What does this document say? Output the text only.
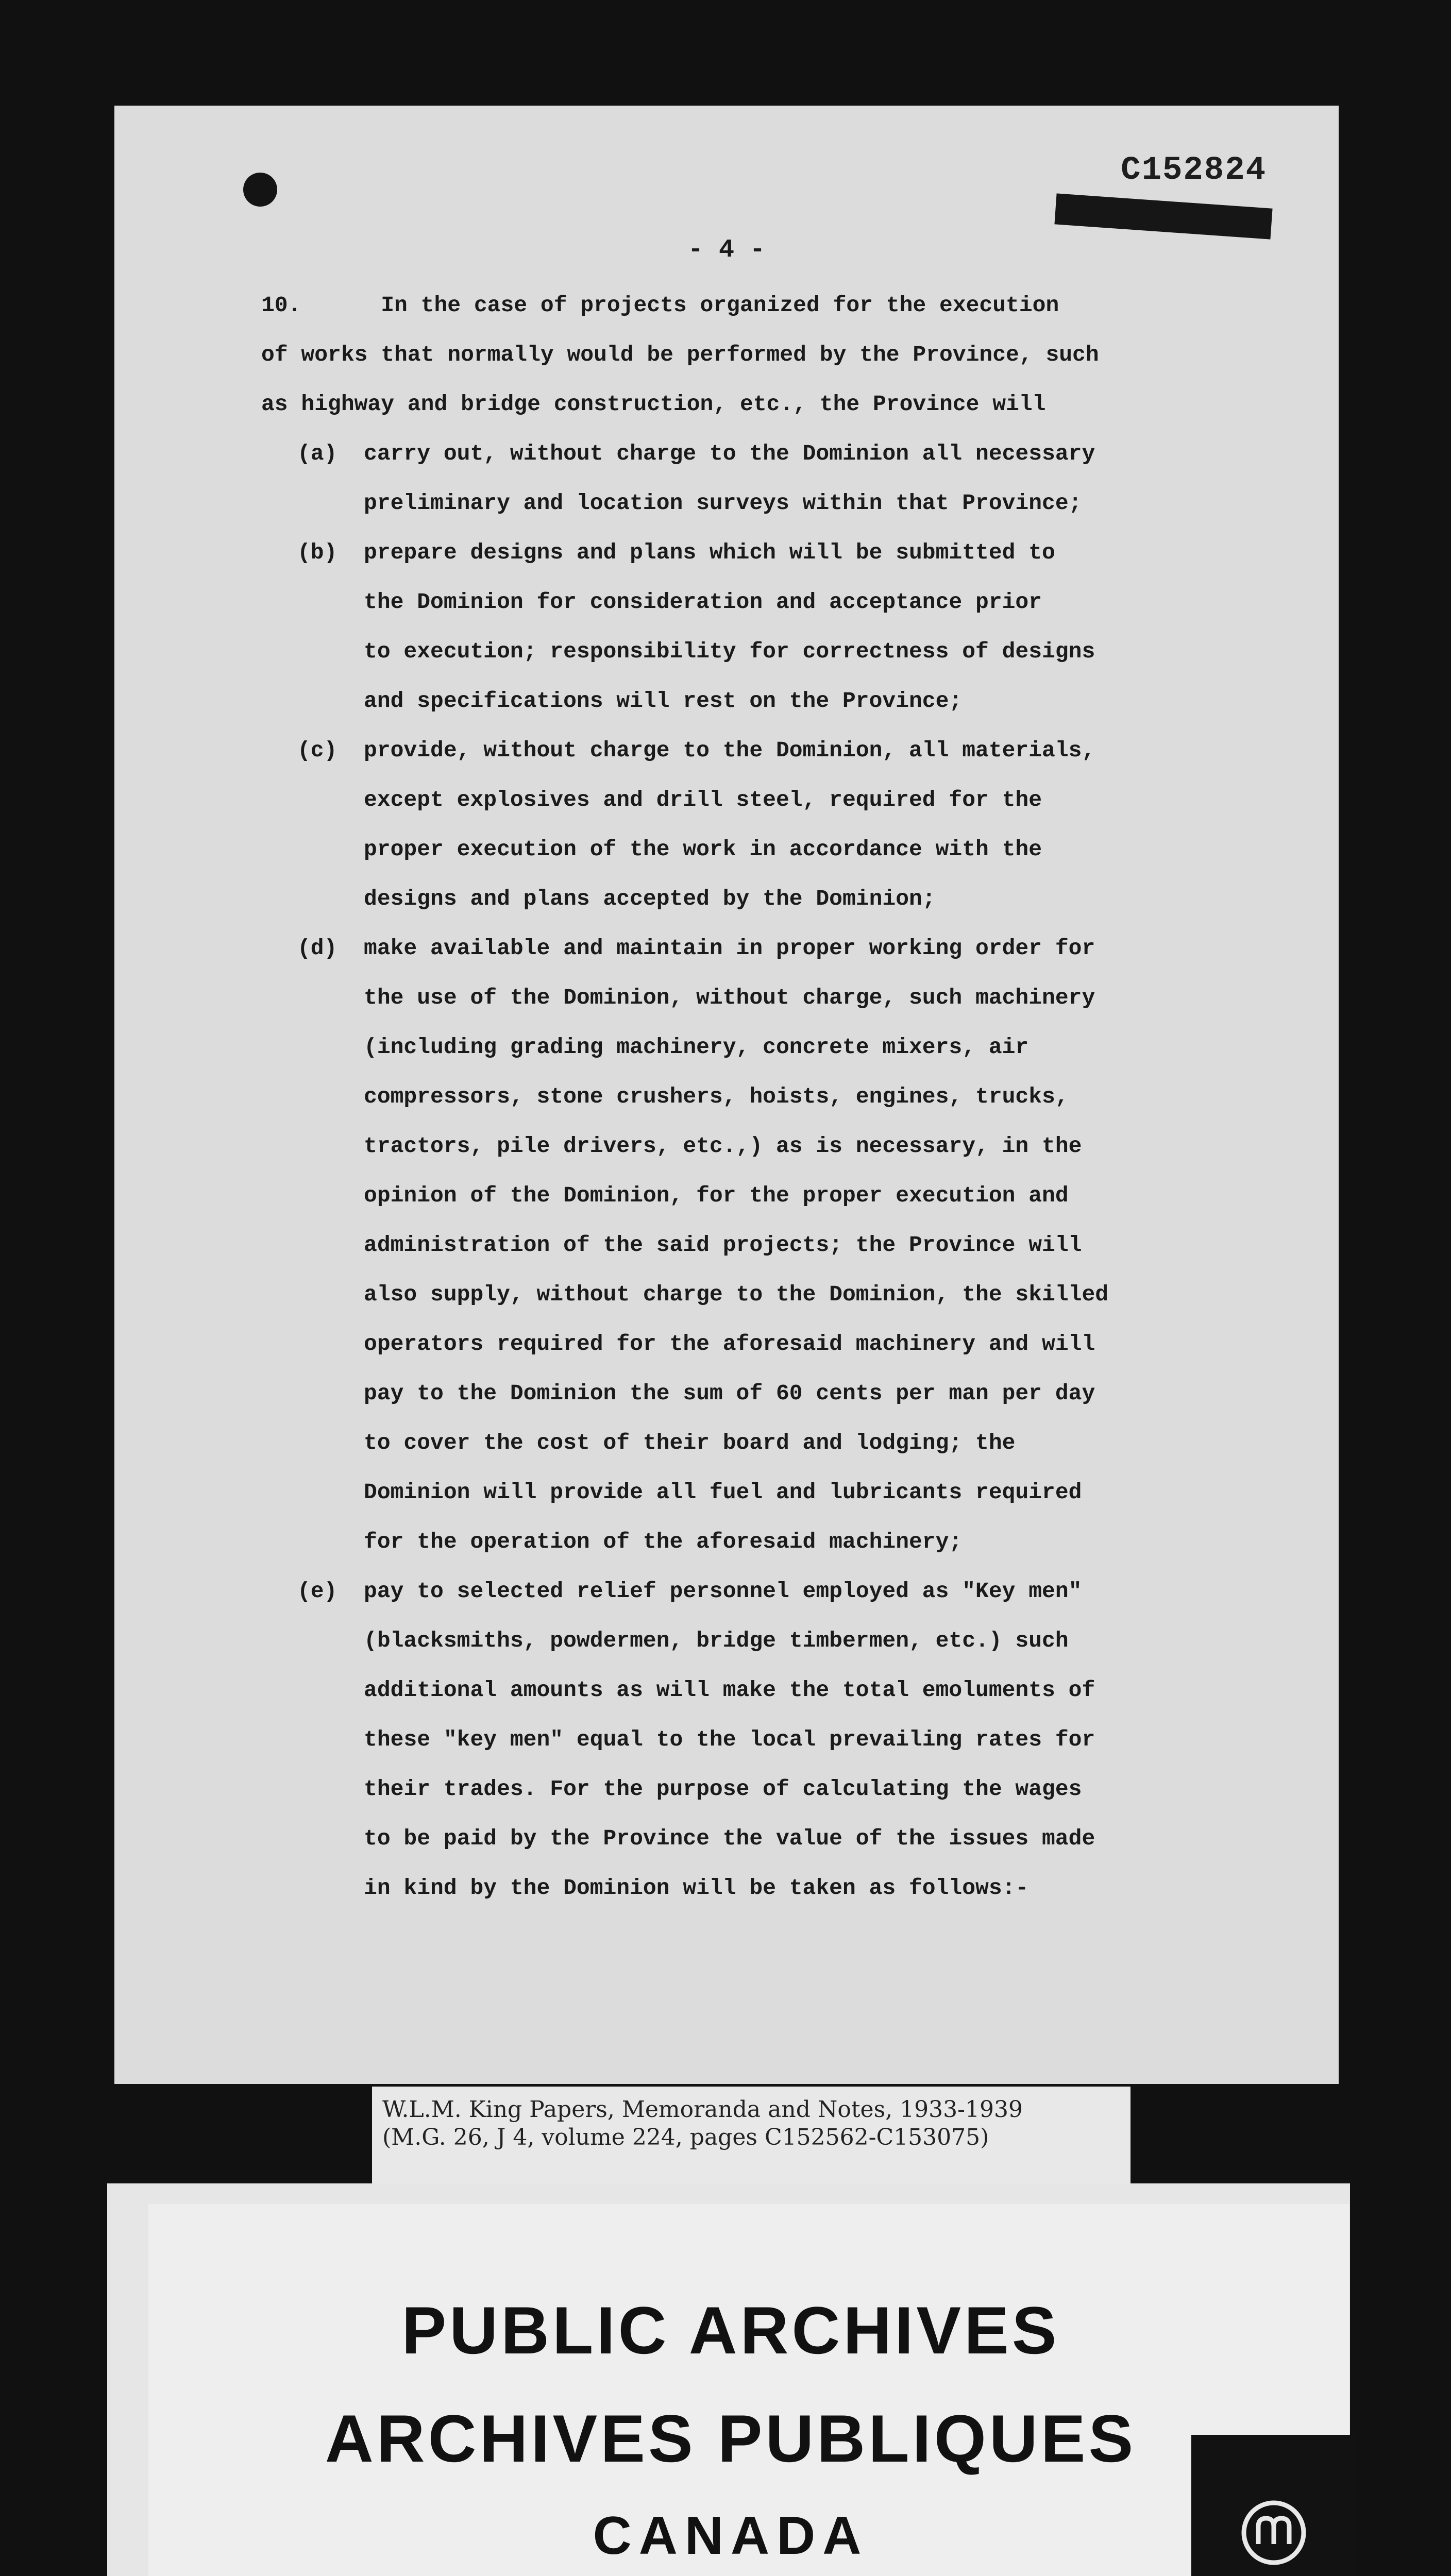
C152824
- 4 -
10.      In the case of projects organized for the execution
of works that normally would be performed by the Province, such
as highway and bridge construction, etc., the Province will
(a)  carry out, without charge to the Dominion all necessary
preliminary and location surveys within that Province;
(b)  prepare designs and plans which will be submitted to
the Dominion for consideration and acceptance prior
to execution; responsibility for correctness of designs
and specifications will rest on the Province;
(c)  provide, without charge to the Dominion, all materials,
except explosives and drill steel, required for the
proper execution of the work in accordance with the
designs and plans accepted by the Dominion;
(d)  make available and maintain in proper working order for
the use of the Dominion, without charge, such machinery
(including grading machinery, concrete mixers, air
compressors, stone crushers, hoists, engines, trucks,
tractors, pile drivers, etc.,) as is necessary, in the
opinion of the Dominion, for the proper execution and
administration of the said projects; the Province will
also supply, without charge to the Dominion, the skilled
operators required for the aforesaid machinery and will
pay to the Dominion the sum of 60 cents per man per day
to cover the cost of their board and lodging; the
Dominion will provide all fuel and lubricants required
for the operation of the aforesaid machinery;
(e)  pay to selected relief personnel employed as "Key men"
(blacksmiths, powdermen, bridge timbermen, etc.) such
additional amounts as will make the total emoluments of
these "key men" equal to the local prevailing rates for
their trades. For the purpose of calculating the wages
to be paid by the Province the value of the issues made
in kind by the Dominion will be taken as follows:-
W.L.M. King Papers, Memoranda and Notes, 1933-1939
(M.G. 26, J 4, volume 224, pages C152562-C153075)
PUBLIC ARCHIVES
ARCHIVES PUBLIQUES
CANADA
